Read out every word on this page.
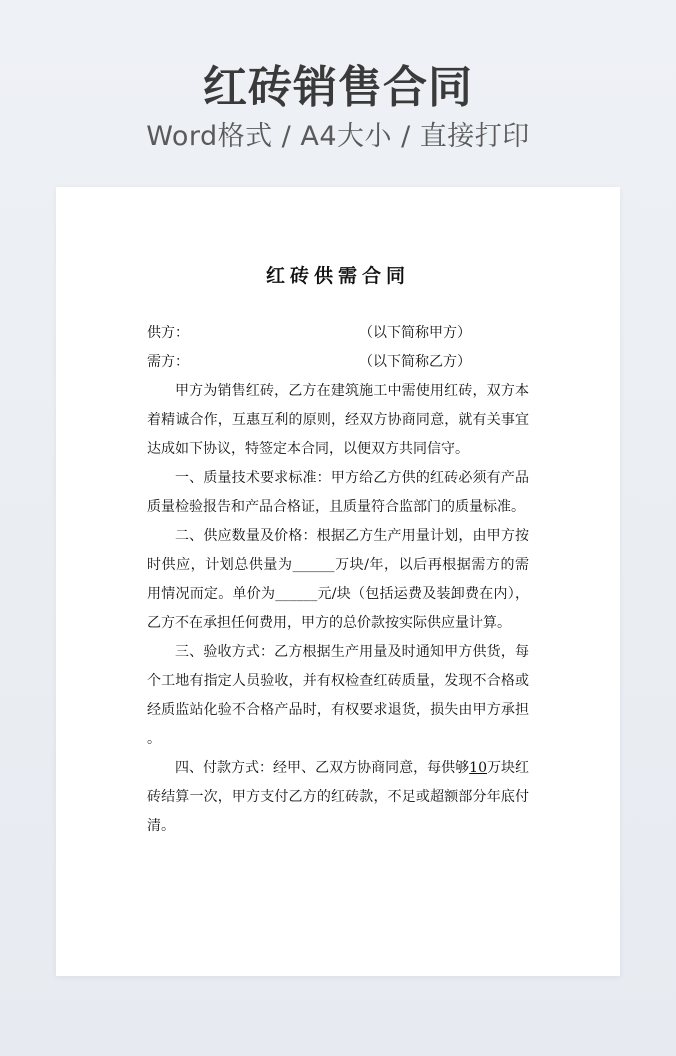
红砖销售合同
Word格式 / A4大小 / 直接打印
红砖供需合同
供方：	（以下简称甲方）
需方：	（以下简称乙方）

甲方为销售红砖，乙方在建筑施工中需使用红砖，双方本着精诚合作，互惠互利的原则，经双方协商同意，就有关事宜达成如下协议，特签定本合同，以便双方共同信守。

一、质量技术要求标准：甲方给乙方供的红砖必须有产品质量检验报告和产品合格证，且质量符合监部门的质量标准。

二、供应数量及价格：根据乙方生产用量计划，由甲方按时供应，计划总供量为______万块/年，以后再根据需方的需用情况而定。单价为______元/块（包括运费及装卸费在内），乙方不在承担任何费用，甲方的总价款按实际供应量计算。

三、验收方式：乙方根据生产用量及时通知甲方供货，每个工地有指定人员验收，并有权检查红砖质量，发现不合格或经质监站化验不合格产品时，有权要求退货，损失由甲方承担。

四、付款方式：经甲、乙双方协商同意，每供够10万块红砖结算一次，甲方支付乙方的红砖款，不足或超额部分年底付清。
